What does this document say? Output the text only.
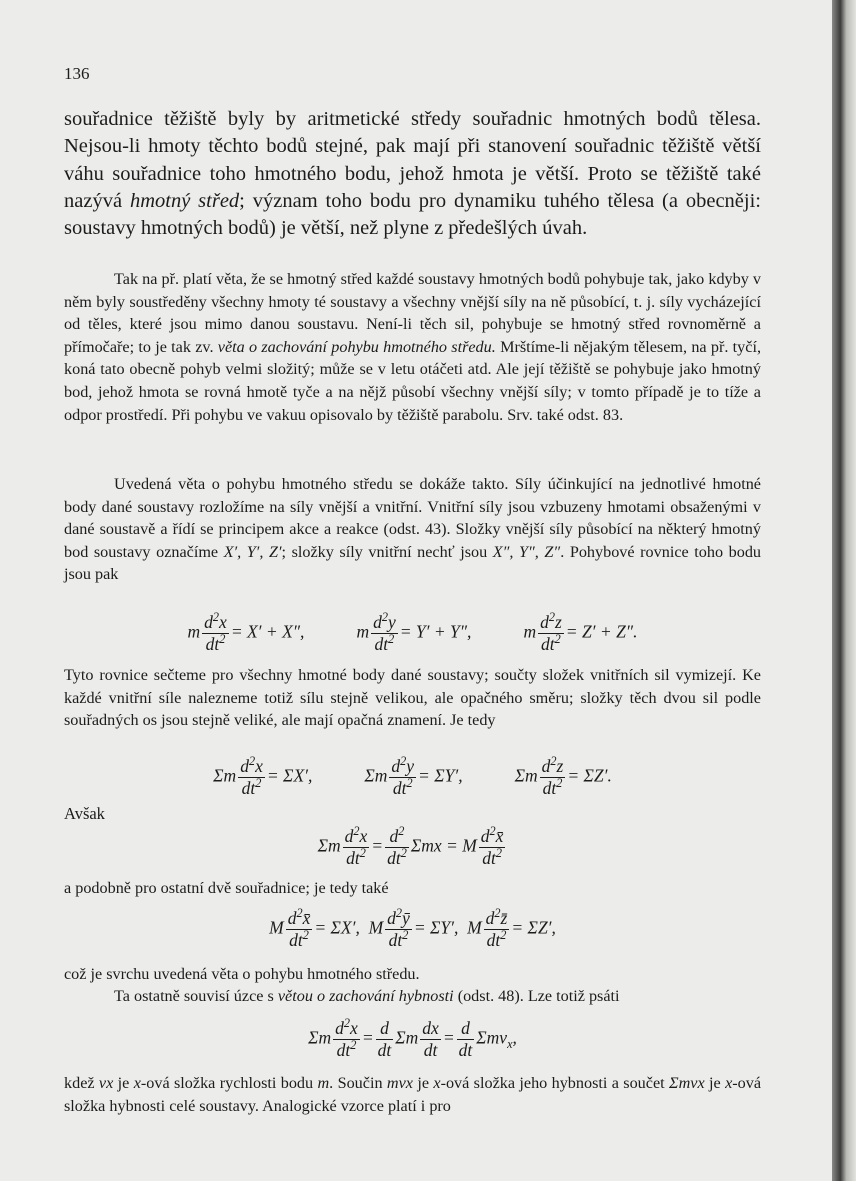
136

souřadnice těžiště byly by aritmetické středy souřadnic hmotných bodů tělesa. Nejsou-li hmoty těchto bodů stejné, pak mají při stanovení souřadnic těžiště větší váhu souřadnice toho hmotného bodu, jehož hmota je větší. Proto se těžiště také nazývá hmotný střed; význam toho bodu pro dynamiku tuhého tělesa (a obecněji: soustavy hmotných bodů) je větší, než plyne z předešlých úvah.

Tak na př. platí věta, že se hmotný střed každé soustavy hmotných bodů pohybuje tak, jako kdyby v něm byly soustředěny všechny hmoty té soustavy a všechny vnější síly na ně působící, t. j. síly vycházející od těles, které jsou mimo danou soustavu. Není-li těch sil, pohybuje se hmotný střed rovnoměrně a přímočaře; to je tak zv. věta o zachování pohybu hmotného středu. Mrštíme-li nějakým tělesem, na př. tyčí, koná tato obecně pohyb velmi složitý; může se v letu otáčeti atd. Ale její těžiště se pohybuje jako hmotný bod, jehož hmota se rovná hmotě tyče a na nějž působí všechny vnější síly; v tomto případě je to tíže a odpor prostředí. Při pohybu ve vakuu opisovalo by těžiště parabolu. Srv. také odst. 83.

Uvedená věta o pohybu hmotného středu se dokáže takto. Síly účinkující na jednotlivé hmotné body dané soustavy rozložíme na síly vnější a vnitřní. Vnitřní síly jsou vzbuzeny hmotami obsaženými v dané soustavě a řídí se principem akce a reakce (odst. 43). Složky vnější síly působící na některý hmotný bod soustavy označíme X′, Y′, Z′; složky síly vnitřní nechť jsou X″, Y″, Z″. Pohybové rovnice toho bodu jsou pak

m $\frac{d^2x}{dt^2} = X' + X''$,	m $\frac{d^2y}{dt^2} = Y' + Y''$,	m $\frac{d^2z}{dt^2} = Z' + Z''$.

Tyto rovnice sečteme pro všechny hmotné body dané soustavy; součty složek vnitřních sil vymizejí. Ke každé vnitřní síle nalezneme totiž sílu stejně velikou, ale opačného směru; složky těch dvou sil podle souřadných os jsou stejně veliké, ale mají opačná znamení. Je tedy

Σm $\frac{d^2x}{dt^2} = \Sigma X'$,	Σm $\frac{d^2y}{dt^2} = \Sigma Y'$,	Σm $\frac{d^2z}{dt^2} = \Sigma Z'$.
Avšak
Σm $\frac{d^2x}{dt^2} = \frac{d^2}{dt^2}$ Σmx = M $\frac{d^2x̄}{dt^2}$

a podobně pro ostatní dvě souřadnice; je tedy také

M $\frac{d^2x̄}{dt^2} = \Sigma X'$,  M $\frac{d^2ȳ}{dt^2} = \Sigma Y'$,  M $\frac{d^2z̄}{dt^2} = \Sigma Z'$,

což je svrchu uvedená věta o pohybu hmotného středu.

Ta ostatně souvisí úzce s větou o zachování hybnosti (odst. 48). Lze totiž psáti

Σm $\frac{d^2x}{dt^2} = \frac{d}{dt}$ Σm $\frac{dx}{dt} = \frac{d}{dt} \Sigma mv_x$,

kdež vx je x-ová složka rychlosti bodu m. Součin mvx je x-ová složka jeho hybnosti a součet Σmvx je x-ová složka hybnosti celé soustavy. Analogické vzorce platí i pro
